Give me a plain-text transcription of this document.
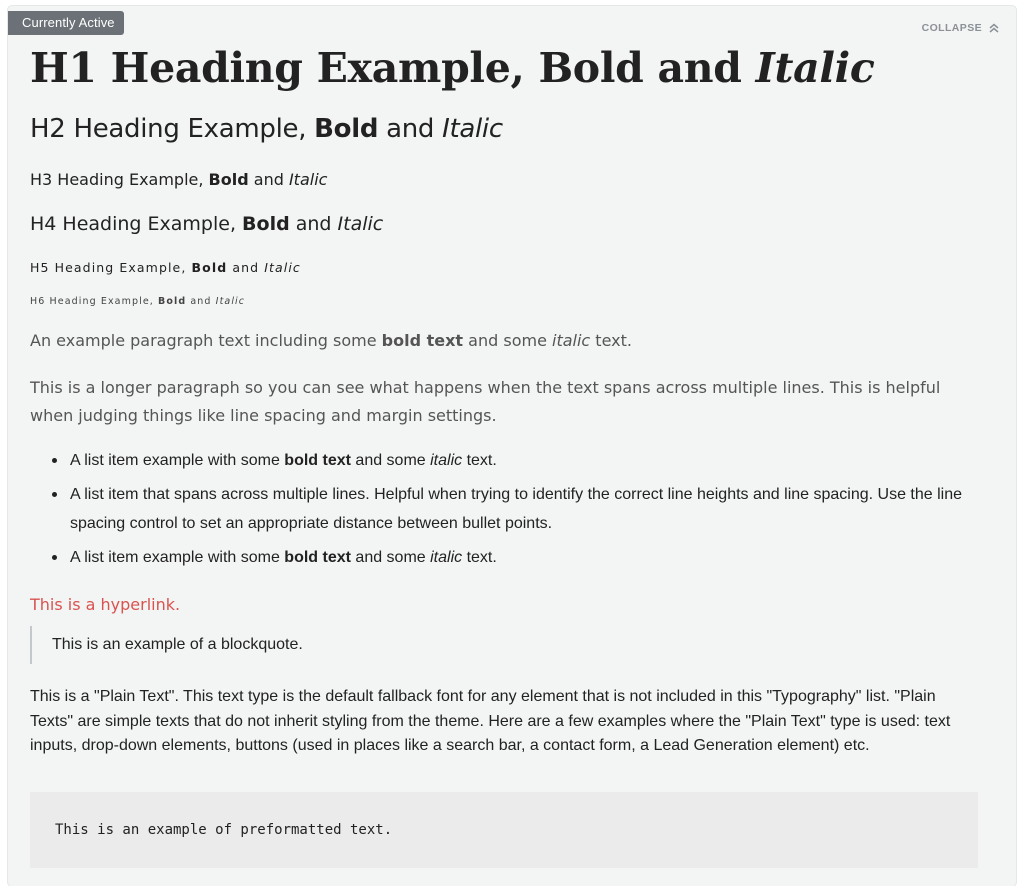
Currently Active	COLLAPSE
H1 Heading Example, Bold and Italic
H2 Heading Example, Bold and Italic
H3 Heading Example, Bold and Italic
H4 Heading Example, Bold and Italic
H5 Heading Example, Bold and Italic
H6 Heading Example, Bold and Italic
An example paragraph text including some bold text and some italic text.
This is a longer paragraph so you can see what happens when the text spans across multiple lines. This is helpful when judging things like line spacing and margin settings.
A list item example with some bold text and some italic text.
A list item that spans across multiple lines. Helpful when trying to identify the correct line heights and line spacing. Use the line spacing control to set an appropriate distance between bullet points.
A list item example with some bold text and some italic text.
This is a hyperlink.
This is an example of a blockquote.
This is a "Plain Text". This text type is the default fallback font for any element that is not included in this "Typography" list. "Plain Texts" are simple texts that do not inherit styling from the theme. Here are a few examples where the "Plain Text" type is used: text inputs, drop-down elements, buttons (used in places like a search bar, a contact form, a Lead Generation element) etc.
This is an example of preformatted text.
